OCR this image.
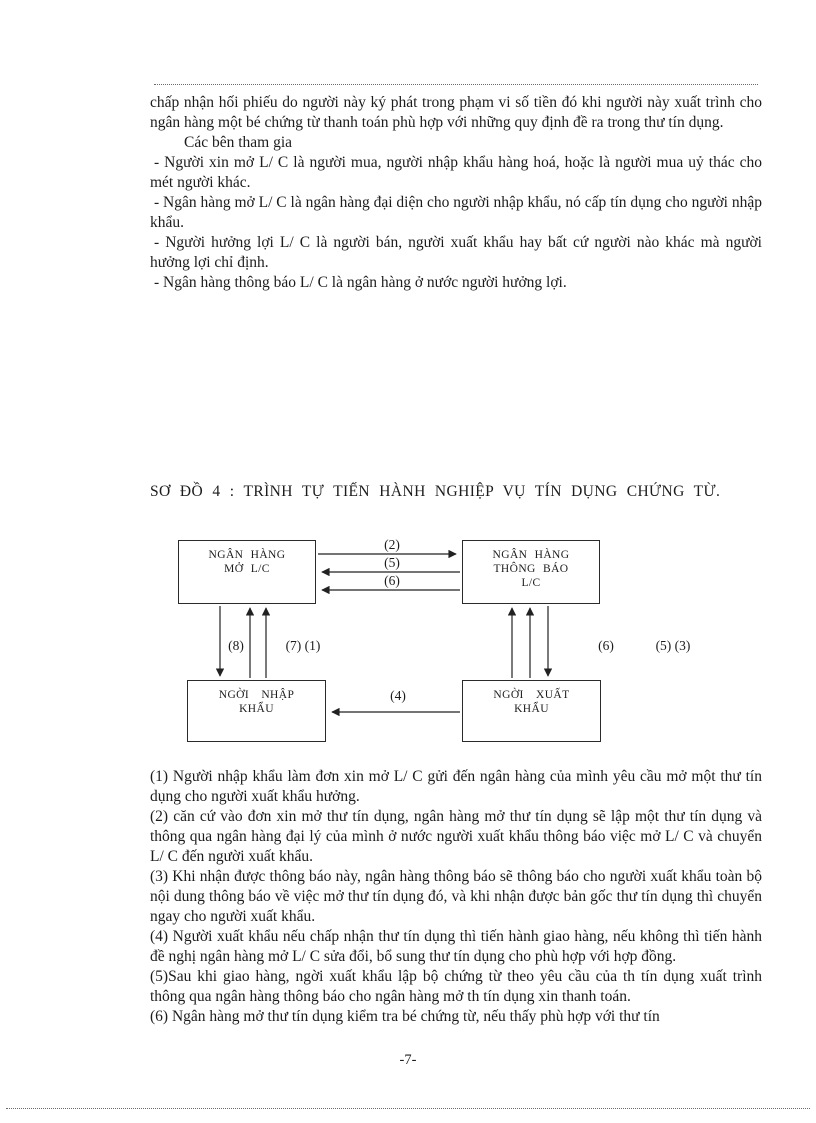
chấp nhận hối phiếu do người này ký phát trong phạm vi số tiền đó khi người này xuất trình cho ngân hàng một bé chứng từ thanh toán phù hợp với những quy định đề ra trong thư tín dụng.

Các bên tham gia

- Người xin mở L/ C là người mua, người nhập khẩu hàng hoá, hoặc là người mua uỷ thác cho mét người khác.

- Ngân hàng mở L/ C là ngân hàng đại diện cho người nhập khẩu, nó cấp tín dụng cho người nhập khẩu.

- Người hưởng lợi L/ C là người bán, người xuất khẩu hay bất cứ người nào khác mà người hưởng lợi chỉ định.

- Ngân hàng thông báo L/ C là ngân hàng ở nước người hưởng lợi.

SƠ ĐỒ 4 : TRÌNH TỰ TIẾN HÀNH NGHIỆP VỤ TÍN DỤNG CHỨNG TỪ.
NGÂN HÀNG
MỞ L/C
NGÂN HÀNG
THÔNG BÁO
L/C
NGỜI NHẬP
KHẨU
NGỜI XUẤT
KHẨU
(2)
(5)
(6)
(8)	(7) (1)	(6)	(5) (3)
(4)

(1) Người nhập khẩu làm đơn xin mở L/ C gửi đến ngân hàng của mình yêu cầu mở một thư tín dụng cho người xuất khẩu hưởng.

(2) căn cứ vào đơn xin mở thư tín dụng, ngân hàng mở thư tín dụng sẽ lập một thư tín dụng và thông qua ngân hàng đại lý của mình ở nước người xuất khẩu thông báo việc mở L/ C và chuyển L/ C đến người xuất khẩu.

(3) Khi nhận được thông báo này, ngân hàng thông báo sẽ thông báo cho người xuất khẩu toàn bộ nội dung thông báo về việc mở thư tín dụng đó, và khi nhận được bản gốc thư tín dụng thì chuyển ngay cho người xuất khẩu.

(4) Người xuất khẩu nếu chấp nhận thư tín dụng thì tiến hành giao hàng, nếu không thì tiến hành đề nghị ngân hàng mở L/ C sửa đổi, bổ sung thư tín dụng cho phù hợp với hợp đồng.

(5)Sau khi giao hàng, ngời xuất khẩu lập bộ chứng từ theo yêu cầu của th tín dụng xuất trình thông qua ngân hàng thông báo cho ngân hàng mở th tín dụng xin thanh toán.

(6) Ngân hàng mở thư tín dụng kiểm tra bé chứng từ, nếu thấy phù hợp với thư tín

-7-
